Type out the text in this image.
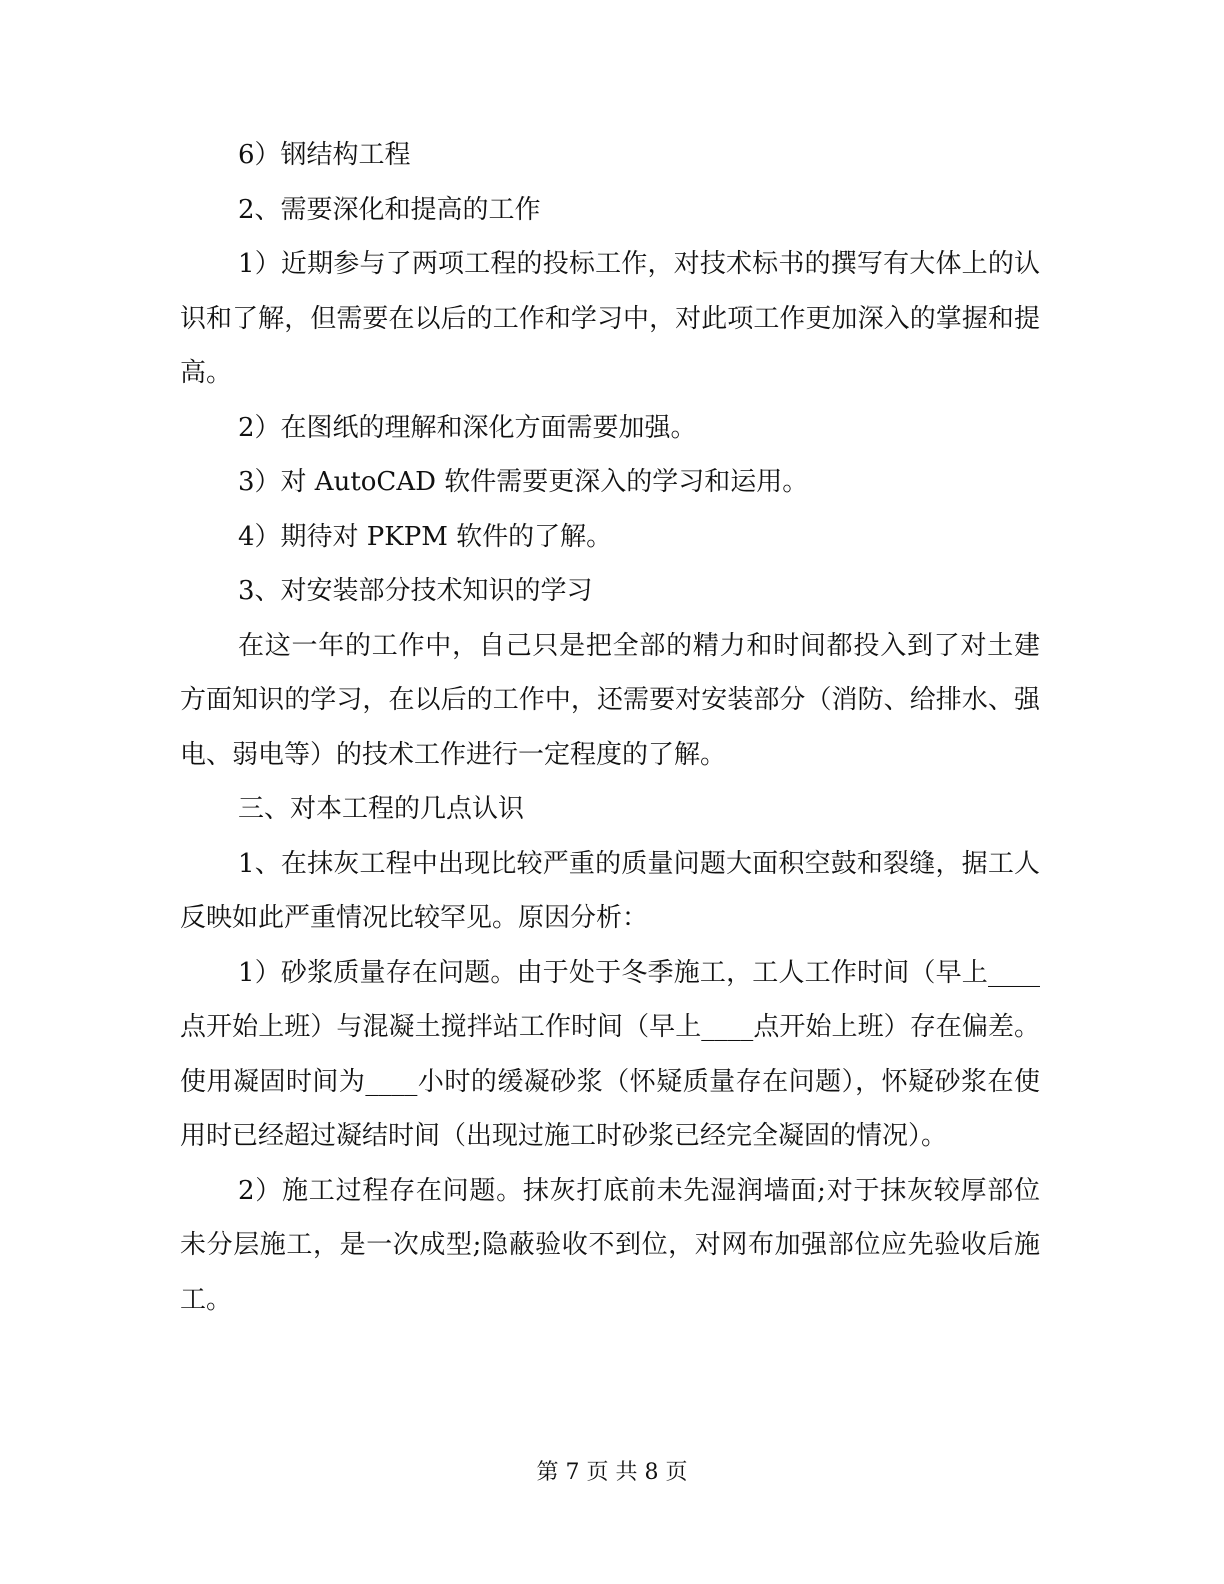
6）钢结构工程

2、需要深化和提高的工作

1）近期参与了两项工程的投标工作，对技术标书的撰写有大体上的认识和了解，但需要在以后的工作和学习中，对此项工作更加深入的掌握和提高。

2）在图纸的理解和深化方面需要加强。

3）对 AutoCAD 软件需要更深入的学习和运用。

4）期待对 PKPM 软件的了解。

3、对安装部分技术知识的学习

在这一年的工作中，自己只是把全部的精力和时间都投入到了对土建方面知识的学习，在以后的工作中，还需要对安装部分（消防、给排水、强电、弱电等）的技术工作进行一定程度的了解。

三、对本工程的几点认识

1、在抹灰工程中出现比较严重的质量问题大面积空鼓和裂缝，据工人反映如此严重情况比较罕见。原因分析：

1）砂浆质量存在问题。由于处于冬季施工，工人工作时间（早上____点开始上班）与混凝土搅拌站工作时间（早上____点开始上班）存在偏差。使用凝固时间为____小时的缓凝砂浆（怀疑质量存在问题），怀疑砂浆在使用时已经超过凝结时间（出现过施工时砂浆已经完全凝固的情况）。

2）施工过程存在问题。抹灰打底前未先湿润墙面;对于抹灰较厚部位未分层施工，是一次成型;隐蔽验收不到位，对网布加强部位应先验收后施工。

第 7 页 共 8 页
